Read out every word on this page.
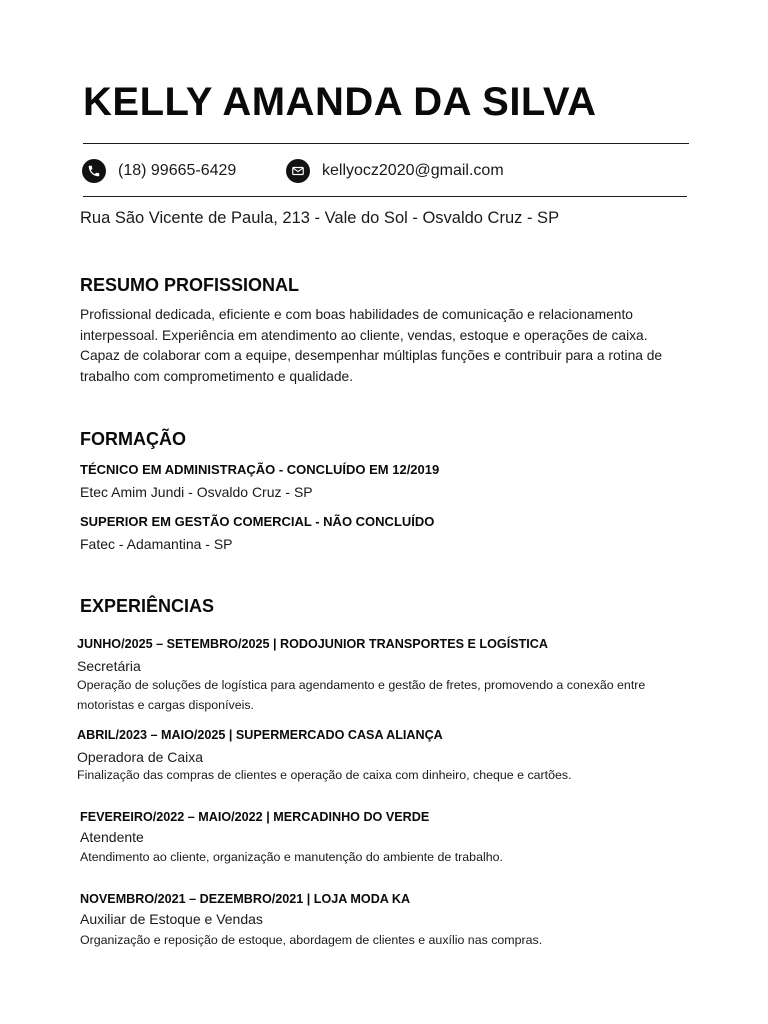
KELLY AMANDA DA SILVA
(18) 99665-6429	kellyocz2020@gmail.com
Rua São Vicente de Paula, 213 - Vale do Sol - Osvaldo Cruz - SP
RESUMO PROFISSIONAL

Profissional dedicada, eficiente e com boas habilidades de comunicação e relacionamento interpessoal. Experiência em atendimento ao cliente, vendas, estoque e operações de caixa. Capaz de colaborar com a equipe, desempenhar múltiplas funções e contribuir para a rotina de trabalho com comprometimento e qualidade.

FORMAÇÃO

TÉCNICO EM ADMINISTRAÇÃO - CONCLUÍDO EM 12/2019

Etec Amim Jundi - Osvaldo Cruz - SP

SUPERIOR EM GESTÃO COMERCIAL - NÃO CONCLUÍDO

Fatec - Adamantina - SP

EXPERIÊNCIAS

JUNHO/2025 – SETEMBRO/2025 | RODOJUNIOR TRANSPORTES E LOGÍSTICA

Secretária

Operação de soluções de logística para agendamento e gestão de fretes, promovendo a conexão entre motoristas e cargas disponíveis.

ABRIL/2023 – MAIO/2025 | SUPERMERCADO CASA ALIANÇA

Operadora de Caixa

Finalização das compras de clientes e operação de caixa com dinheiro, cheque e cartões.

FEVEREIRO/2022 – MAIO/2022 | MERCADINHO DO VERDE

Atendente

Atendimento ao cliente, organização e manutenção do ambiente de trabalho.

NOVEMBRO/2021 – DEZEMBRO/2021 | LOJA MODA KA

Auxiliar de Estoque e Vendas

Organização e reposição de estoque, abordagem de clientes e auxílio nas compras.
